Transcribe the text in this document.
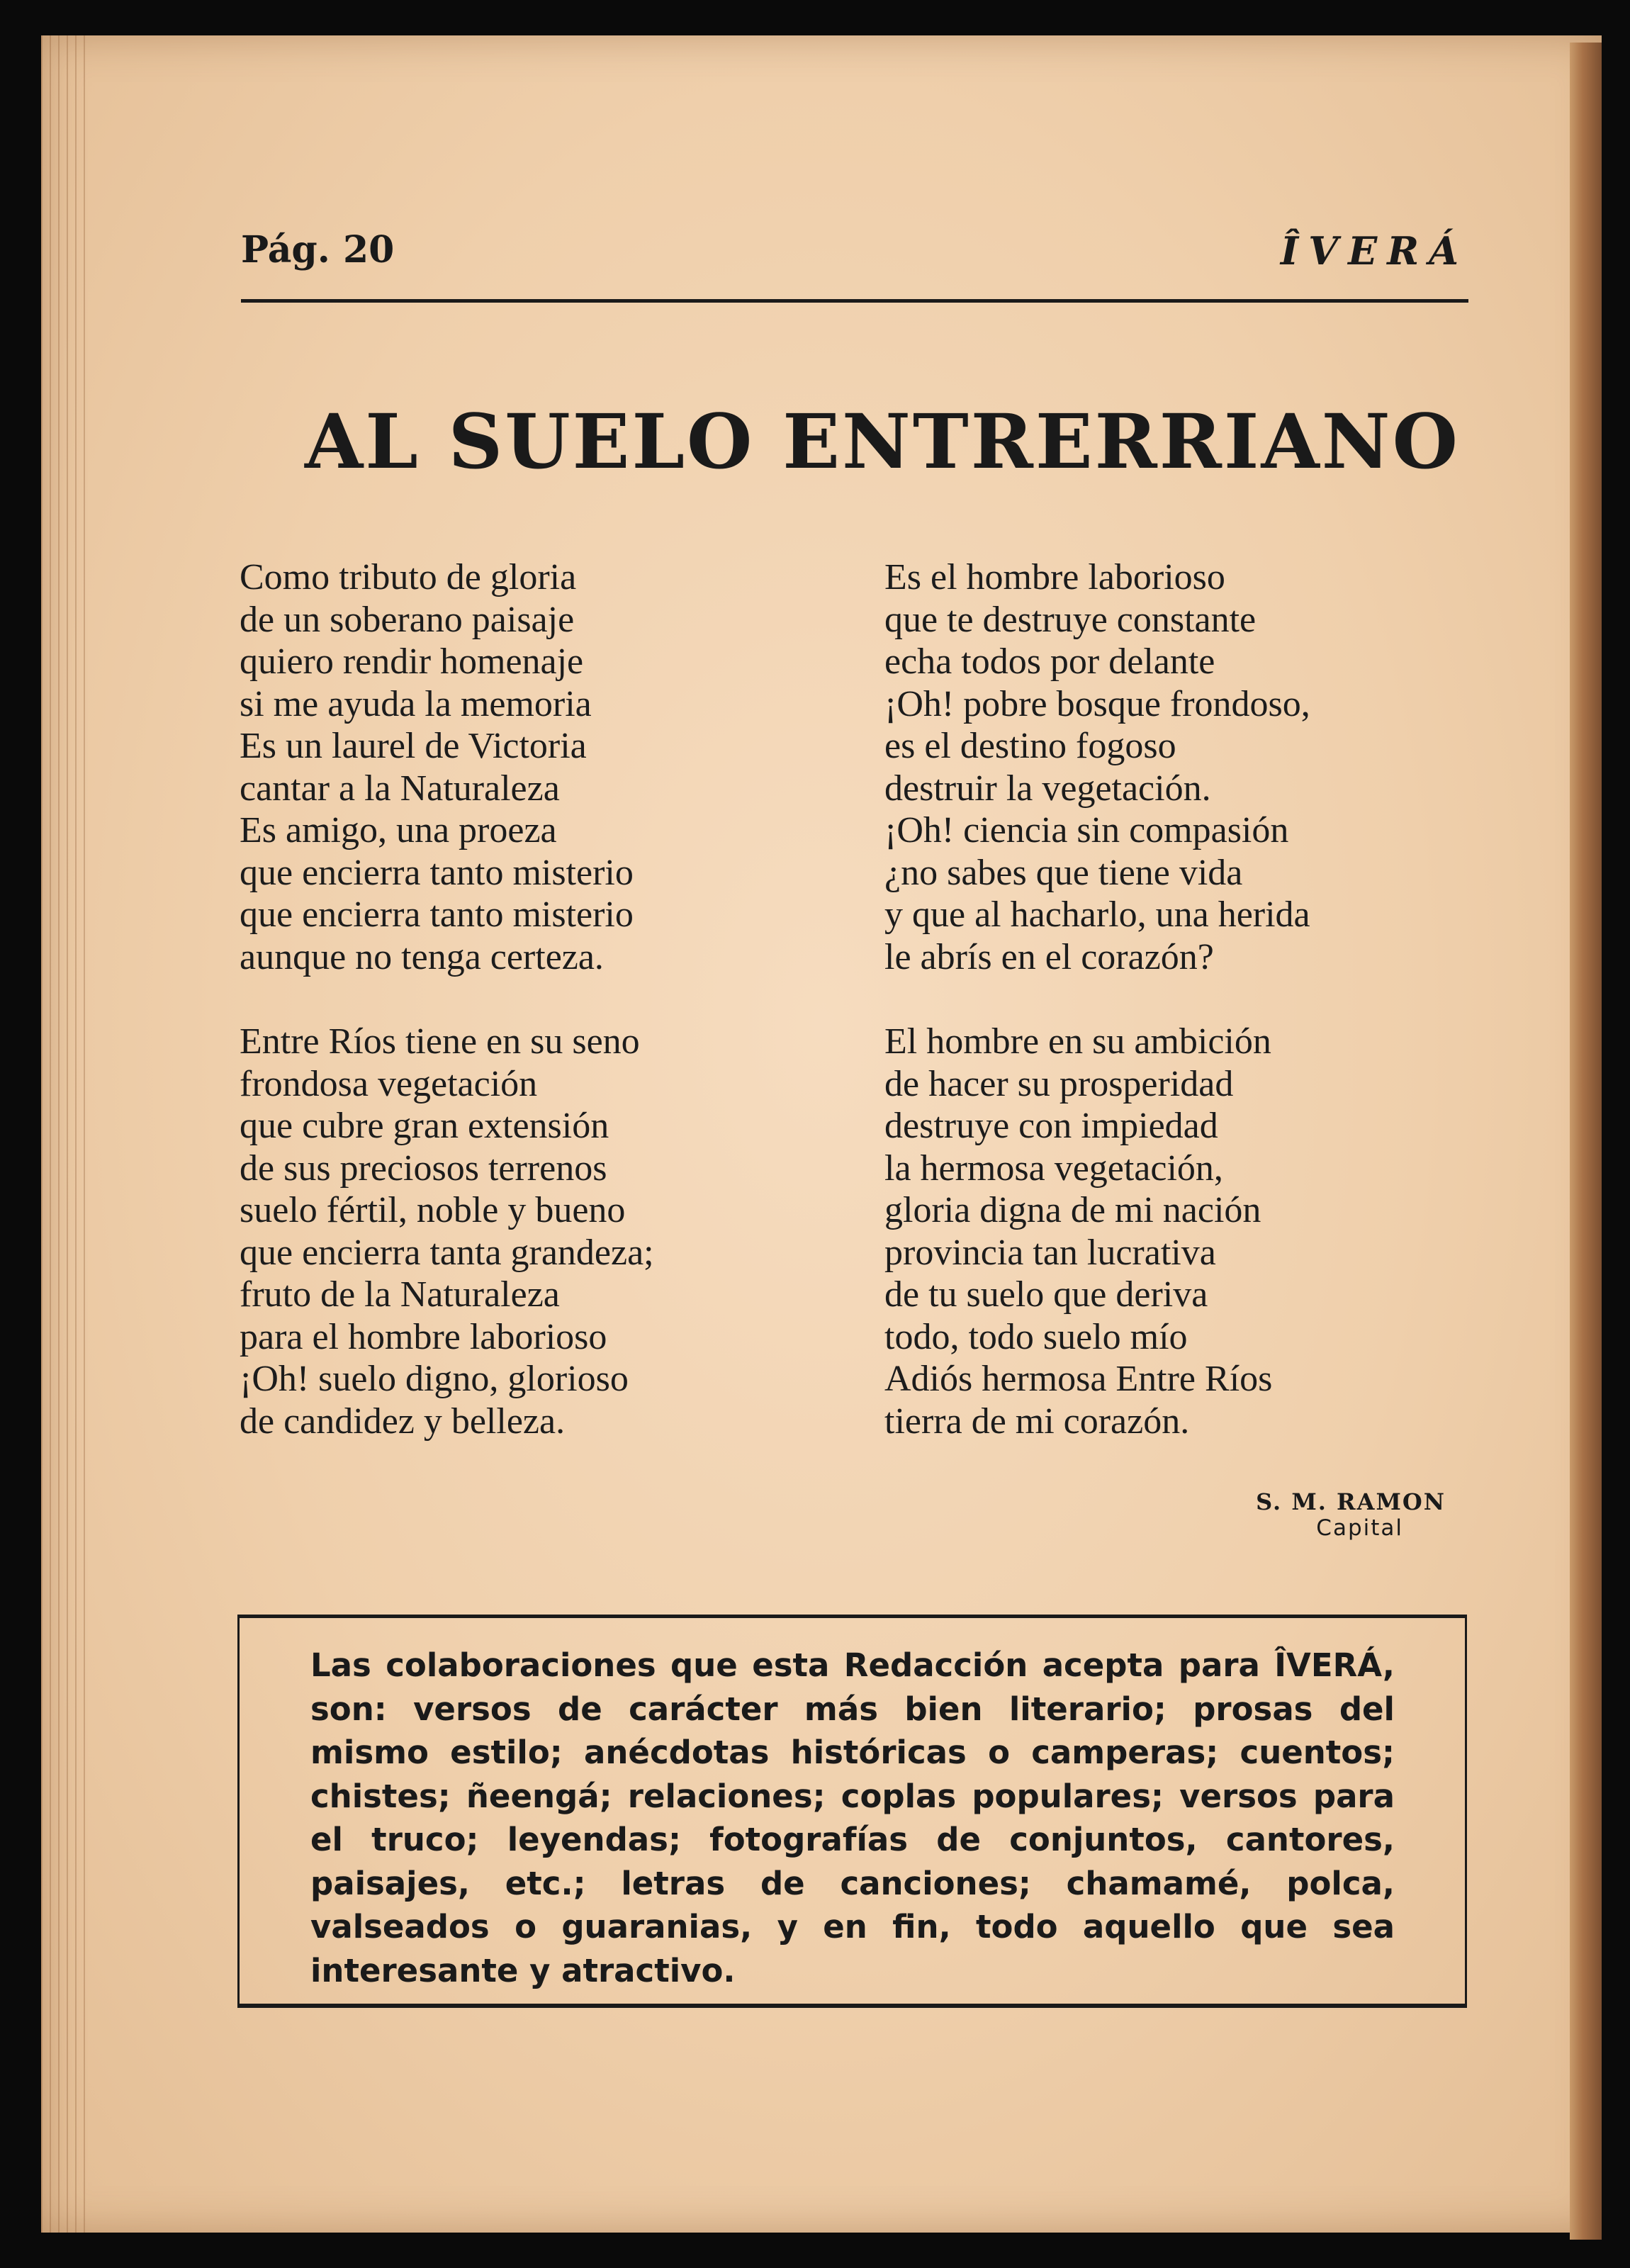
Pág. 20	ÎVERÁ
AL SUELO ENTRERRIANO
Como tributo de gloria
de un soberano paisaje
quiero rendir homenaje
si me ayuda la memoria
Es un laurel de Victoria
cantar a la Naturaleza
Es amigo, una proeza
que encierra tanto misterio
que encierra tanto misterio
aunque no tenga certeza.
Entre Ríos tiene en su seno
frondosa vegetación
que cubre gran extensión
de sus preciosos terrenos
suelo fértil, noble y bueno
que encierra tanta grandeza;
fruto de la Naturaleza
para el hombre laborioso
¡Oh! suelo digno, glorioso
de candidez y belleza.
Es el hombre laborioso
que te destruye constante
echa todos por delante
¡Oh! pobre bosque frondoso,
es el destino fogoso
destruir la vegetación.
¡Oh! ciencia sin compasión
¿no sabes que tiene vida
y que al hacharlo, una herida
le abrís en el corazón?
El hombre en su ambición
de hacer su prosperidad
destruye con impiedad
la hermosa vegetación,
gloria digna de mi nación
provincia tan lucrativa
de tu suelo que deriva
todo, todo suelo mío
Adiós hermosa Entre Ríos
tierra de mi corazón.
S. M. RAMON
Capital

Las colaboraciones que esta Redacción acepta para ÎVERÁ, son: versos de carácter más bien literario; prosas del mismo estilo; anécdotas históricas o camperas; cuentos; chistes; ñeengá; relaciones; coplas populares; versos para el truco; leyendas; fotografías de conjuntos, cantores, paisajes, etc.; letras de canciones; chamamé, polca, valseados o guaranias, y en fin, todo aquello que sea interesante y atractivo.
